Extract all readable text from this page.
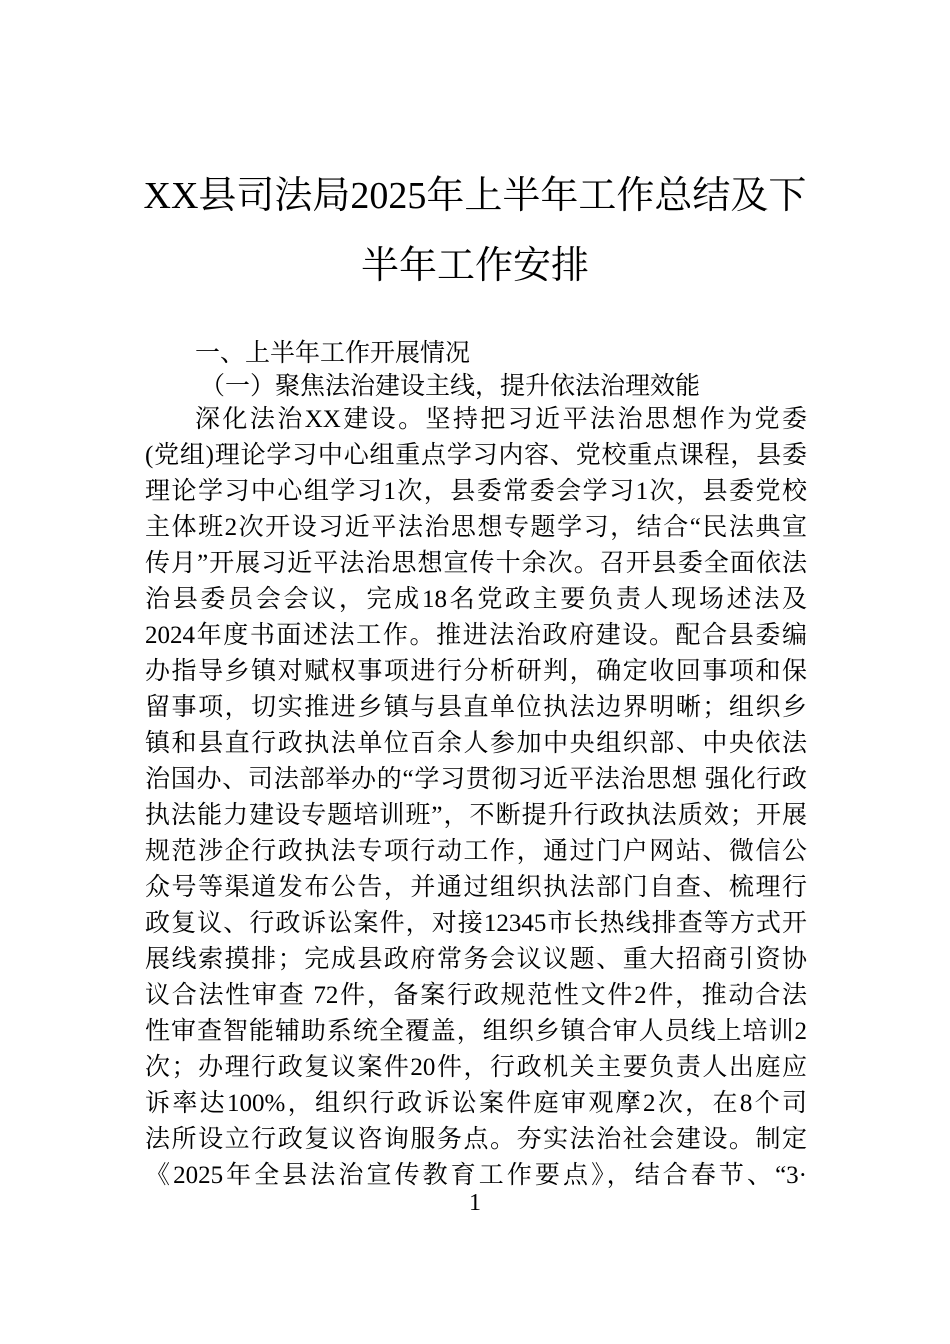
XX县司法局2025年上半年工作总结及下
半年工作安排
一、上半年工作开展情况
（一）聚焦法治建设主线，提升依法治理效能
深化法治XX建设。坚持把习近平法治思想作为党委
(党组)理论学习中心组重点学习内容、党校重点课程，县委
理论学习中心组学习1次，县委常委会学习1次，县委党校
主体班2次开设习近平法治思想专题学习，结合“民法典宣
传月”开展习近平法治思想宣传十余次。召开县委全面依法
治县委员会会议，完成18名党政主要负责人现场述法及
2024年度书面述法工作。推进法治政府建设。配合县委编
办指导乡镇对赋权事项进行分析研判，确定收回事项和保
留事项，切实推进乡镇与县直单位执法边界明晰；组织乡
镇和县直行政执法单位百余人参加中央组织部、中央依法
治国办、司法部举办的“学习贯彻习近平法治思想 强化行政
执法能力建设专题培训班”，不断提升行政执法质效；开展
规范涉企行政执法专项行动工作，通过门户网站、微信公
众号等渠道发布公告，并通过组织执法部门自查、梳理行
政复议、行政诉讼案件，对接12345市长热线排查等方式开
展线索摸排；完成县政府常务会议议题、重大招商引资协
议合法性审查 72件，备案行政规范性文件2件，推动合法
性审查智能辅助系统全覆盖，组织乡镇合审人员线上培训2
次；办理行政复议案件20件，行政机关主要负责人出庭应
诉率达100%，组织行政诉讼案件庭审观摩2次，在8个司
法所设立行政复议咨询服务点。夯实法治社会建设。制定
《2025年全县法治宣传教育工作要点》，结合春节、“3·
1
